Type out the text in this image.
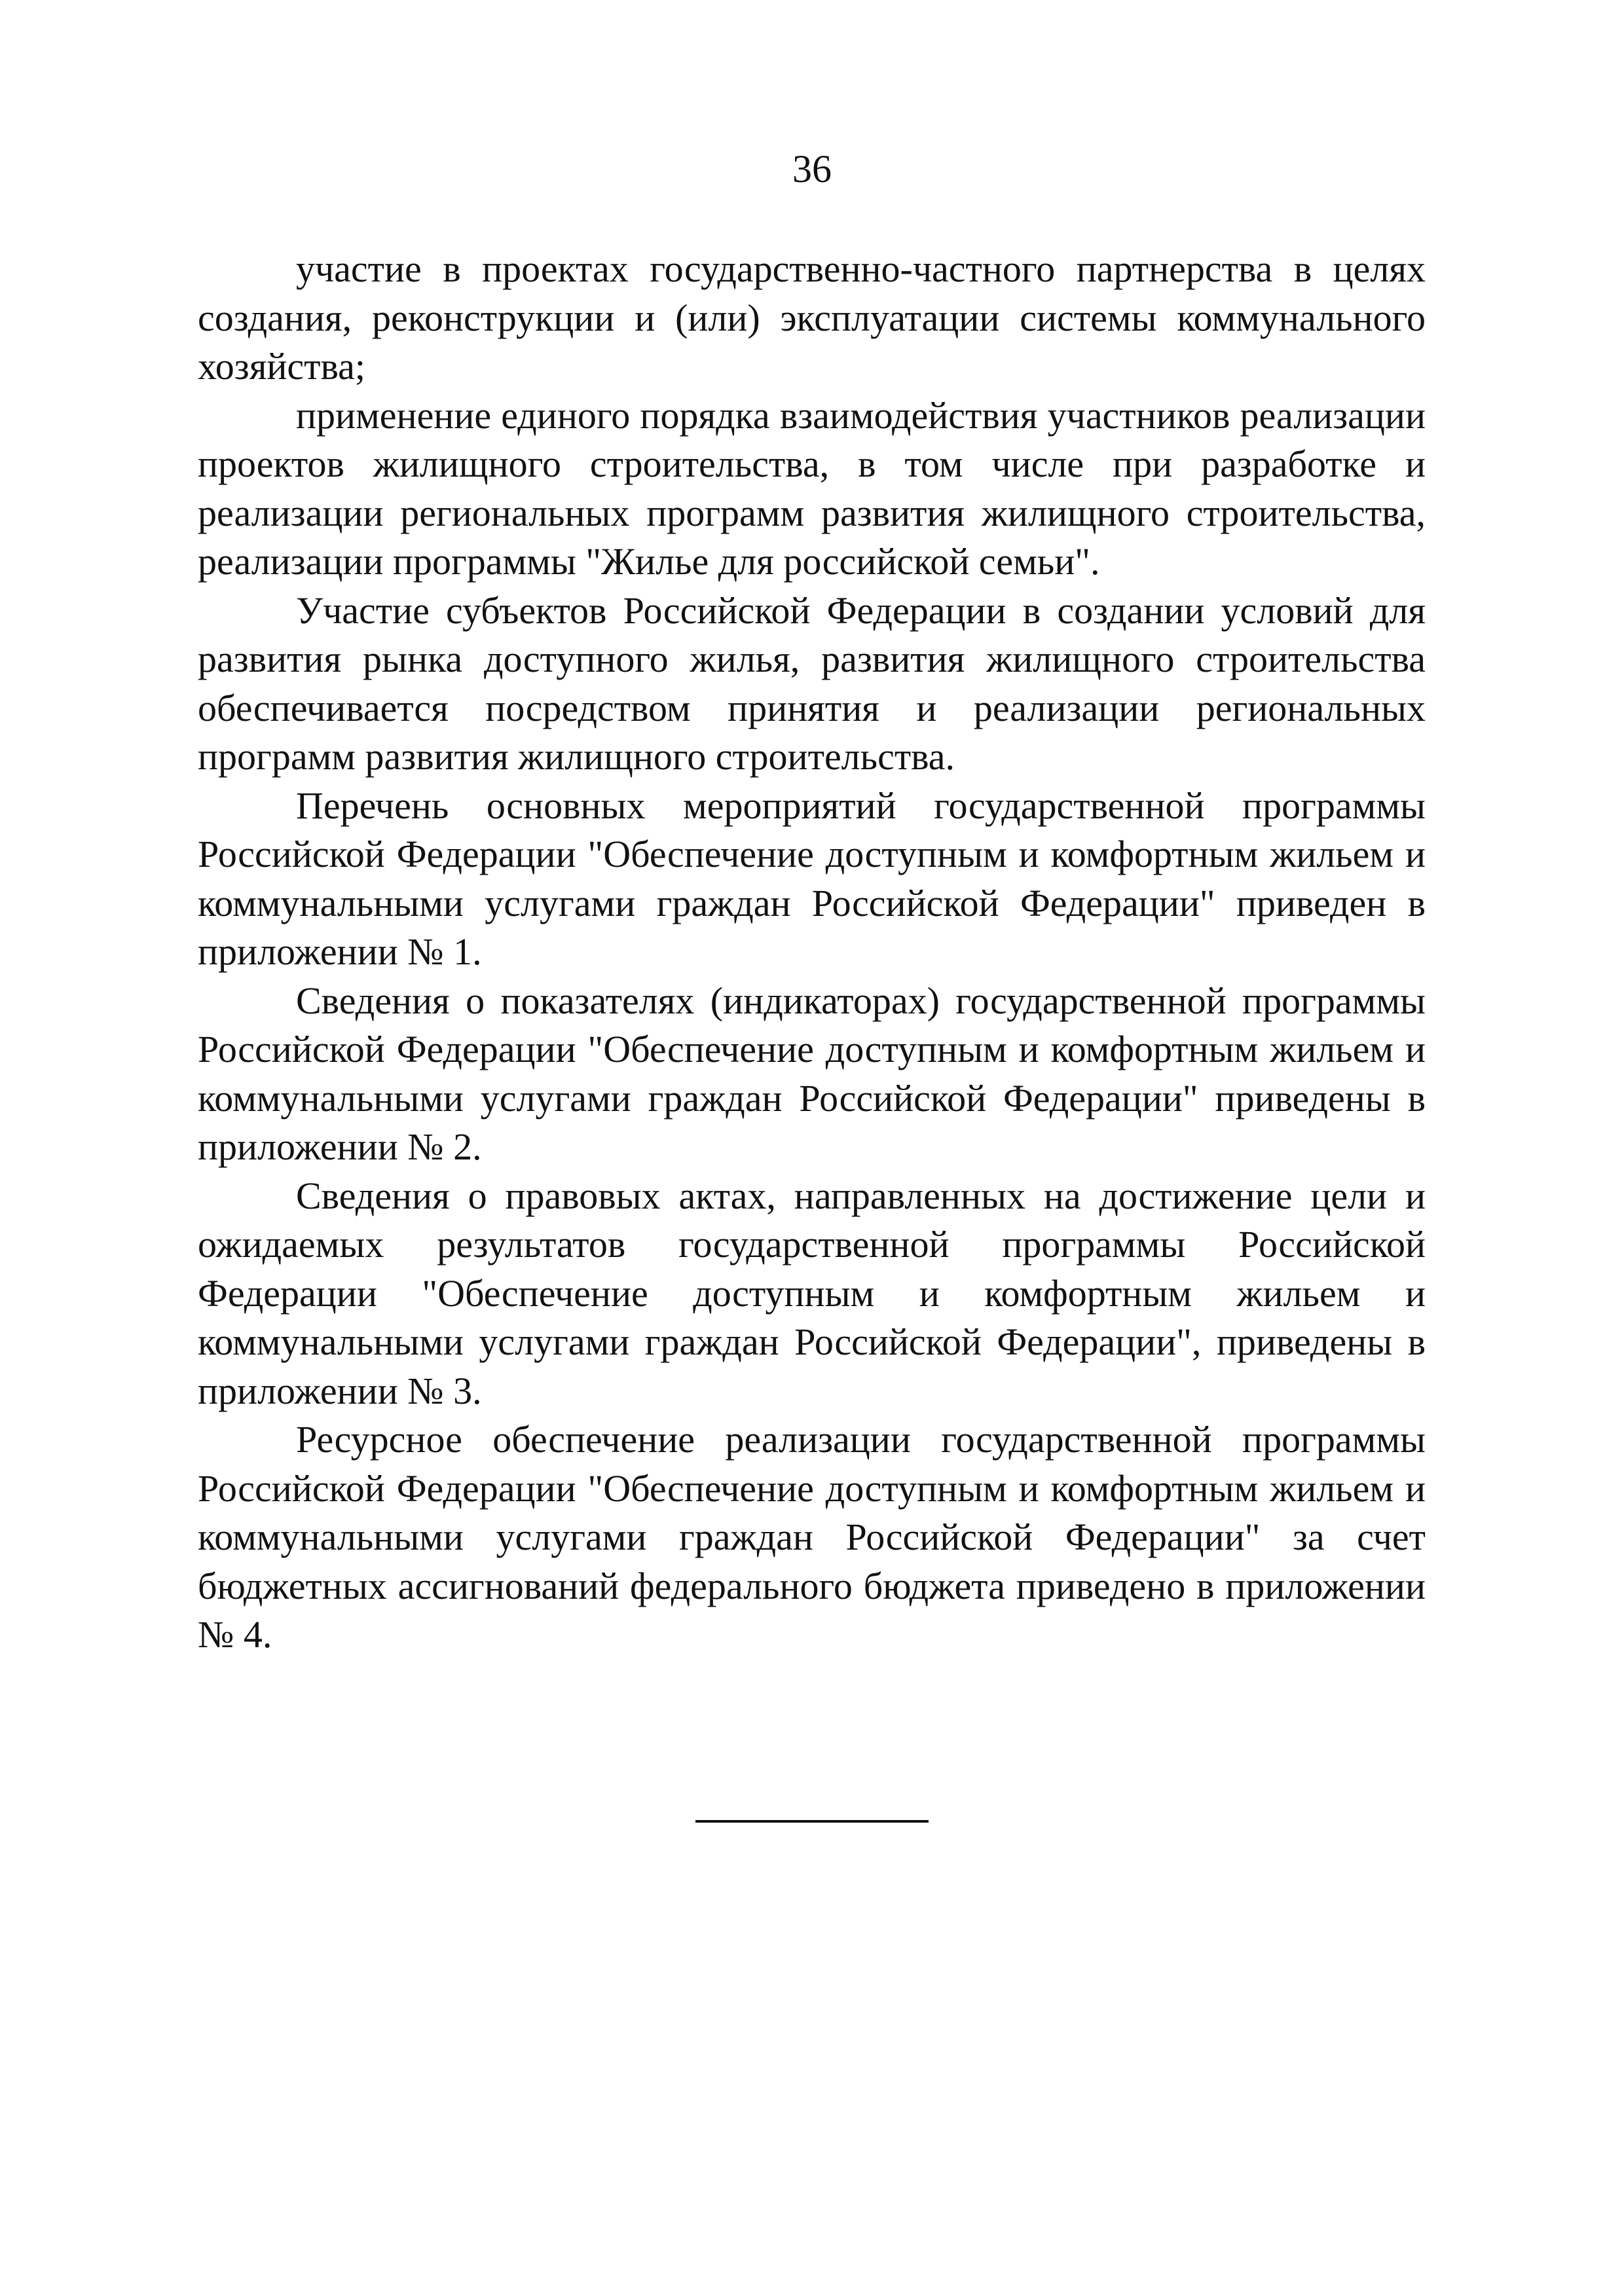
36

участие в проектах государственно-частного партнерства в целях создания, реконструкции и (или) эксплуатации системы коммунального хозяйства;

применение единого порядка взаимодействия участников реализации проектов жилищного строительства, в том числе при разработке и реализации региональных программ развития жилищного строительства, реализации программы "Жилье для российской семьи".

Участие субъектов Российской Федерации в создании условий для развития рынка доступного жилья, развития жилищного строительства обеспечивается посредством принятия и реализации региональных программ развития жилищного строительства.

Перечень основных мероприятий государственной программы Российской Федерации "Обеспечение доступным и комфортным жильем и коммунальными услугами граждан Российской Федерации" приведен в приложении № 1.

Сведения о показателях (индикаторах) государственной программы Российской Федерации "Обеспечение доступным и комфортным жильем и коммунальными услугами граждан Российской Федерации" приведены в приложении № 2.

Сведения о правовых актах, направленных на достижение цели и ожидаемых результатов государственной программы Российской Федерации "Обеспечение доступным и комфортным жильем и коммунальными услугами граждан Российской Федерации", приведены в приложении № 3.

Ресурсное обеспечение реализации государственной программы Российской Федерации "Обеспечение доступным и комфортным жильем и коммунальными услугами граждан Российской Федерации" за счет бюджетных ассигнований федерального бюджета приведено в приложении № 4.
